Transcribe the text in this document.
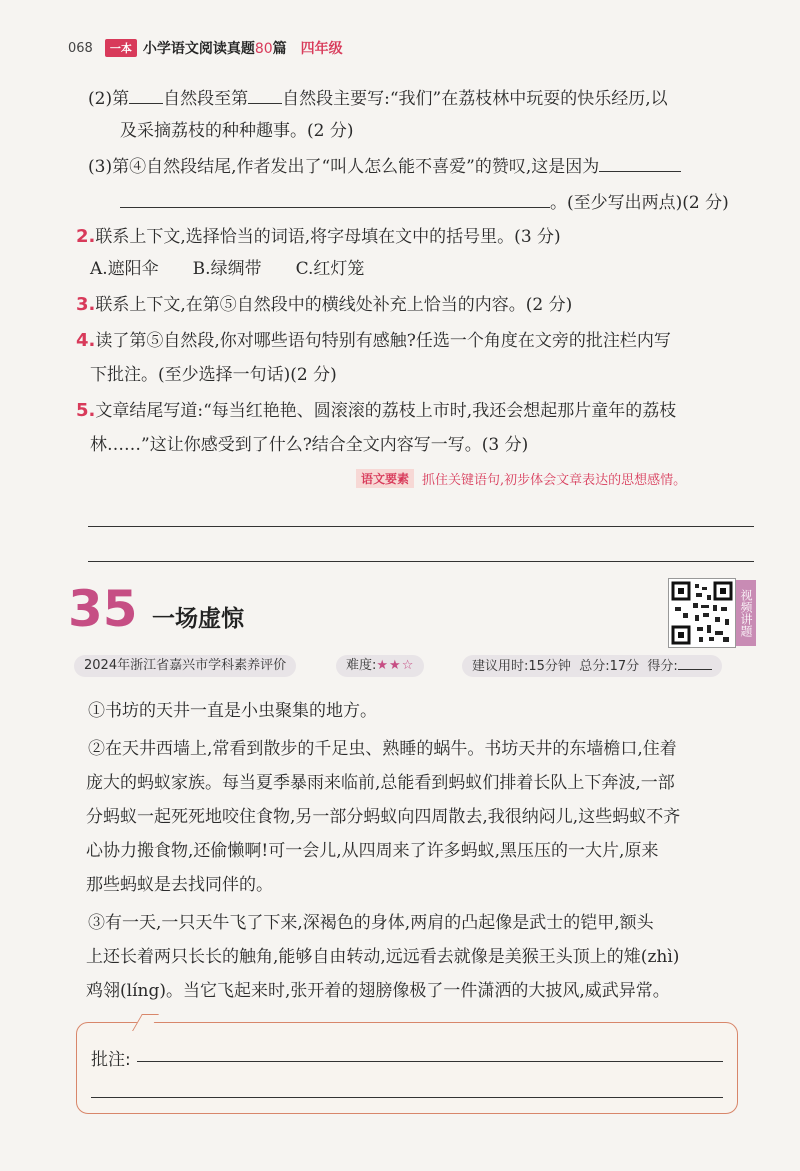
068	一本 小学语文阅读真题80篇 四年级
(2)第 自然段至第 自然段主要写:“我们”在荔枝林中玩耍的快乐经历,以
及采摘荔枝的种种趣事。(2 分)
(3)第④自然段结尾,作者发出了“叫人怎么能不喜爱”的赞叹,这是因为
。(至少写出两点)(2 分)
2.联系上下文,选择恰当的词语,将字母填在文中的括号里。(3 分)
A.遮阳伞　　B.绿绸带　　C.红灯笼
3.联系上下文,在第⑤自然段中的横线处补充上恰当的内容。(2 分)
4.读了第⑤自然段,你对哪些语句特别有感触?任选一个角度在文旁的批注栏内写
下批注。(至少选择一句话)(2 分)
5.文章结尾写道:“每当红艳艳、圆滚滚的荔枝上市时,我还会想起那片童年的荔枝
林……”这让你感受到了什么?结合全文内容写一写。(3 分)
语文要素	抓住关键语句,初步体会文章表达的思想感情。
35 一场虚惊	视频讲题
2024年浙江省嘉兴市学科素养评价	难度:★★☆	建议用时:15分钟 总分:17分 得分:
①书坊的天井一直是小虫聚集的地方。
②在天井西墙上,常看到散步的千足虫、熟睡的蜗牛。书坊天井的东墙檐口,住着
庞大的蚂蚁家族。每当夏季暴雨来临前,总能看到蚂蚁们排着长队上下奔波,一部
分蚂蚁一起死死地咬住食物,另一部分蚂蚁向四周散去,我很纳闷儿,这些蚂蚁不齐
心协力搬食物,还偷懒啊!可一会儿,从四周来了许多蚂蚁,黑压压的一大片,原来
那些蚂蚁是去找同伴的。
③有一天,一只天牛飞了下来,深褐色的身体,两肩的凸起像是武士的铠甲,额头
上还长着两只长长的触角,能够自由转动,远远看去就像是美猴王头顶上的雉(zhì)
鸡翎(líng)。当它飞起来时,张开着的翅膀像极了一件潇洒的大披风,威武异常。
批注:
